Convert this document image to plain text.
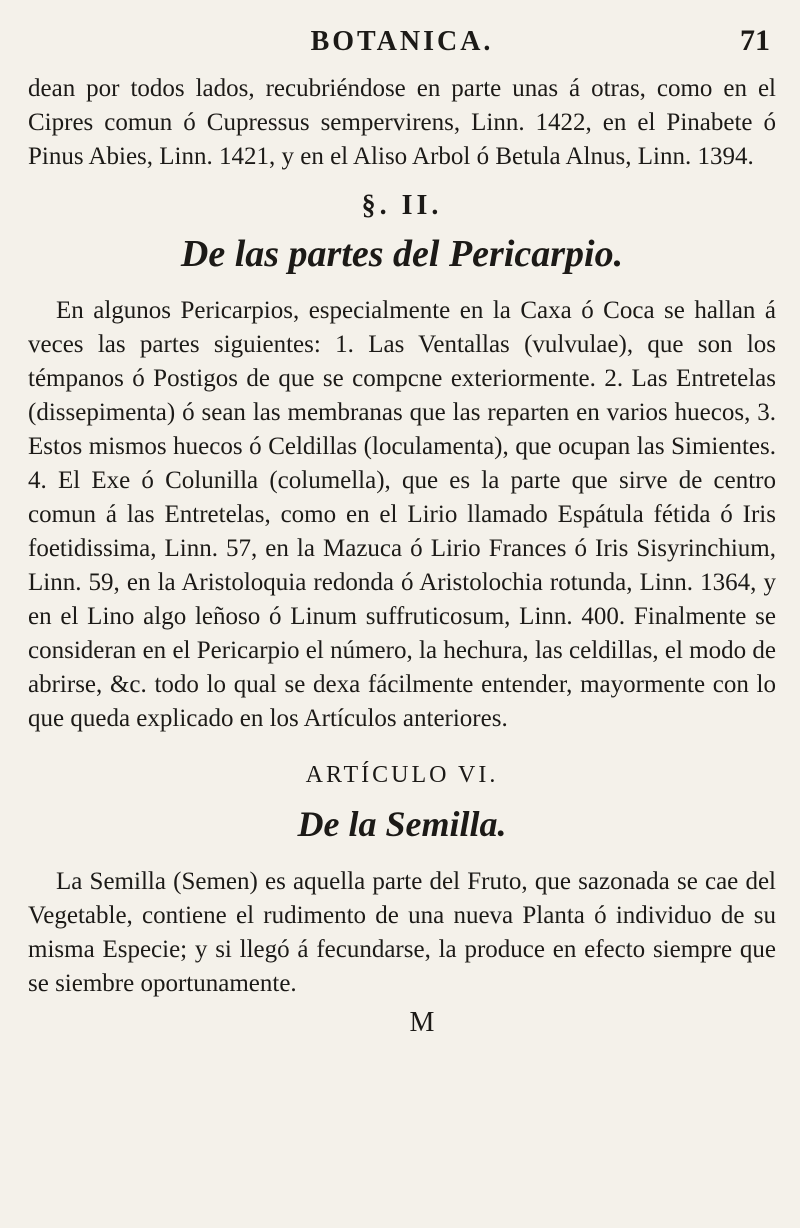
BOTANICA.	71

dean por todos lados, recubriéndose en parte unas á otras, como en el Cipres comun ó Cupressus sempervirens, Linn. 1422, en el Pinabete ó Pinus Abies, Linn. 1421, y en el Aliso Arbol ó Betula Alnus, Linn. 1394.

§. II.
De las partes del Pericarpio.

En algunos Pericarpios, especialmente en la Caxa ó Coca se hallan á veces las partes siguientes: 1. Las Ventallas (vulvulae), que son los témpanos ó Postigos de que se compcne exteriormente. 2. Las Entretelas (dissepimenta) ó sean las membranas que las reparten en varios huecos, 3. Estos mismos huecos ó Celdillas (loculamenta), que ocupan las Simientes. 4. El Exe ó Colunilla (columella), que es la parte que sirve de centro comun á las Entretelas, como en el Lirio llamado Espátula fétida ó Iris foetidissima, Linn. 57, en la Mazuca ó Lirio Frances ó Iris Sisyrinchium, Linn. 59, en la Aristoloquia redonda ó Aristolochia rotunda, Linn. 1364, y en el Lino algo leñoso ó Linum suffruticosum, Linn. 400. Finalmente se consideran en el Pericarpio el número, la hechura, las celdillas, el modo de abrirse, &c. todo lo qual se dexa fácilmente entender, mayormente con lo que queda explicado en los Artículos anteriores.

ARTÍCULO VI.
De la Semilla.

La Semilla (Semen) es aquella parte del Fruto, que sazonada se cae del Vegetable, contiene el rudimento de una nueva Planta ó individuo de su misma Especie; y si llegó á fecundarse, la produce en efecto siempre que se siembre oportunamente.

M
